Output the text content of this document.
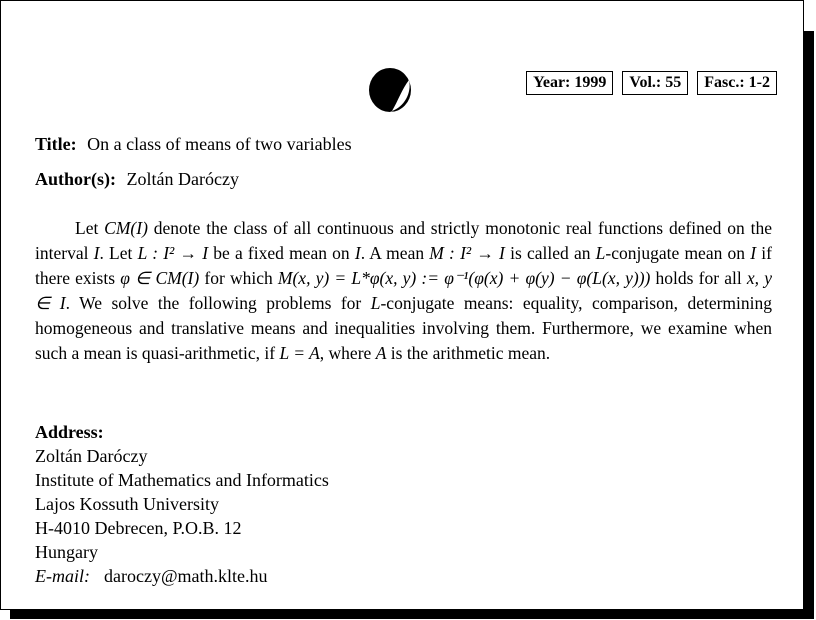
Year: 1999	Vol.: 55	Fasc.: 1-2
Title: On a class of means of two variables
Author(s): Zoltán Daróczy
Let CM(I) denote the class of all continuous and strictly monotonic real functions defined on the interval I. Let L : I² → I be a fixed mean on I. A mean M : I² → I is called an L-conjugate mean on I if there exists φ ∈ CM(I) for which M(x, y) = L*φ(x, y) := φ⁻¹(φ(x) + φ(y) − φ(L(x, y))) holds for all x, y ∈ I. We solve the following problems for L-conjugate means: equality, comparison, determining homogeneous and translative means and inequalities involving them. Furthermore, we examine when such a mean is quasi-arithmetic, if L = A, where A is the arithmetic mean.
Address:
Zoltán Daróczy
Institute of Mathematics and Informatics
Lajos Kossuth University
H-4010 Debrecen, P.O.B. 12
Hungary
E-mail: daroczy@math.klte.hu
